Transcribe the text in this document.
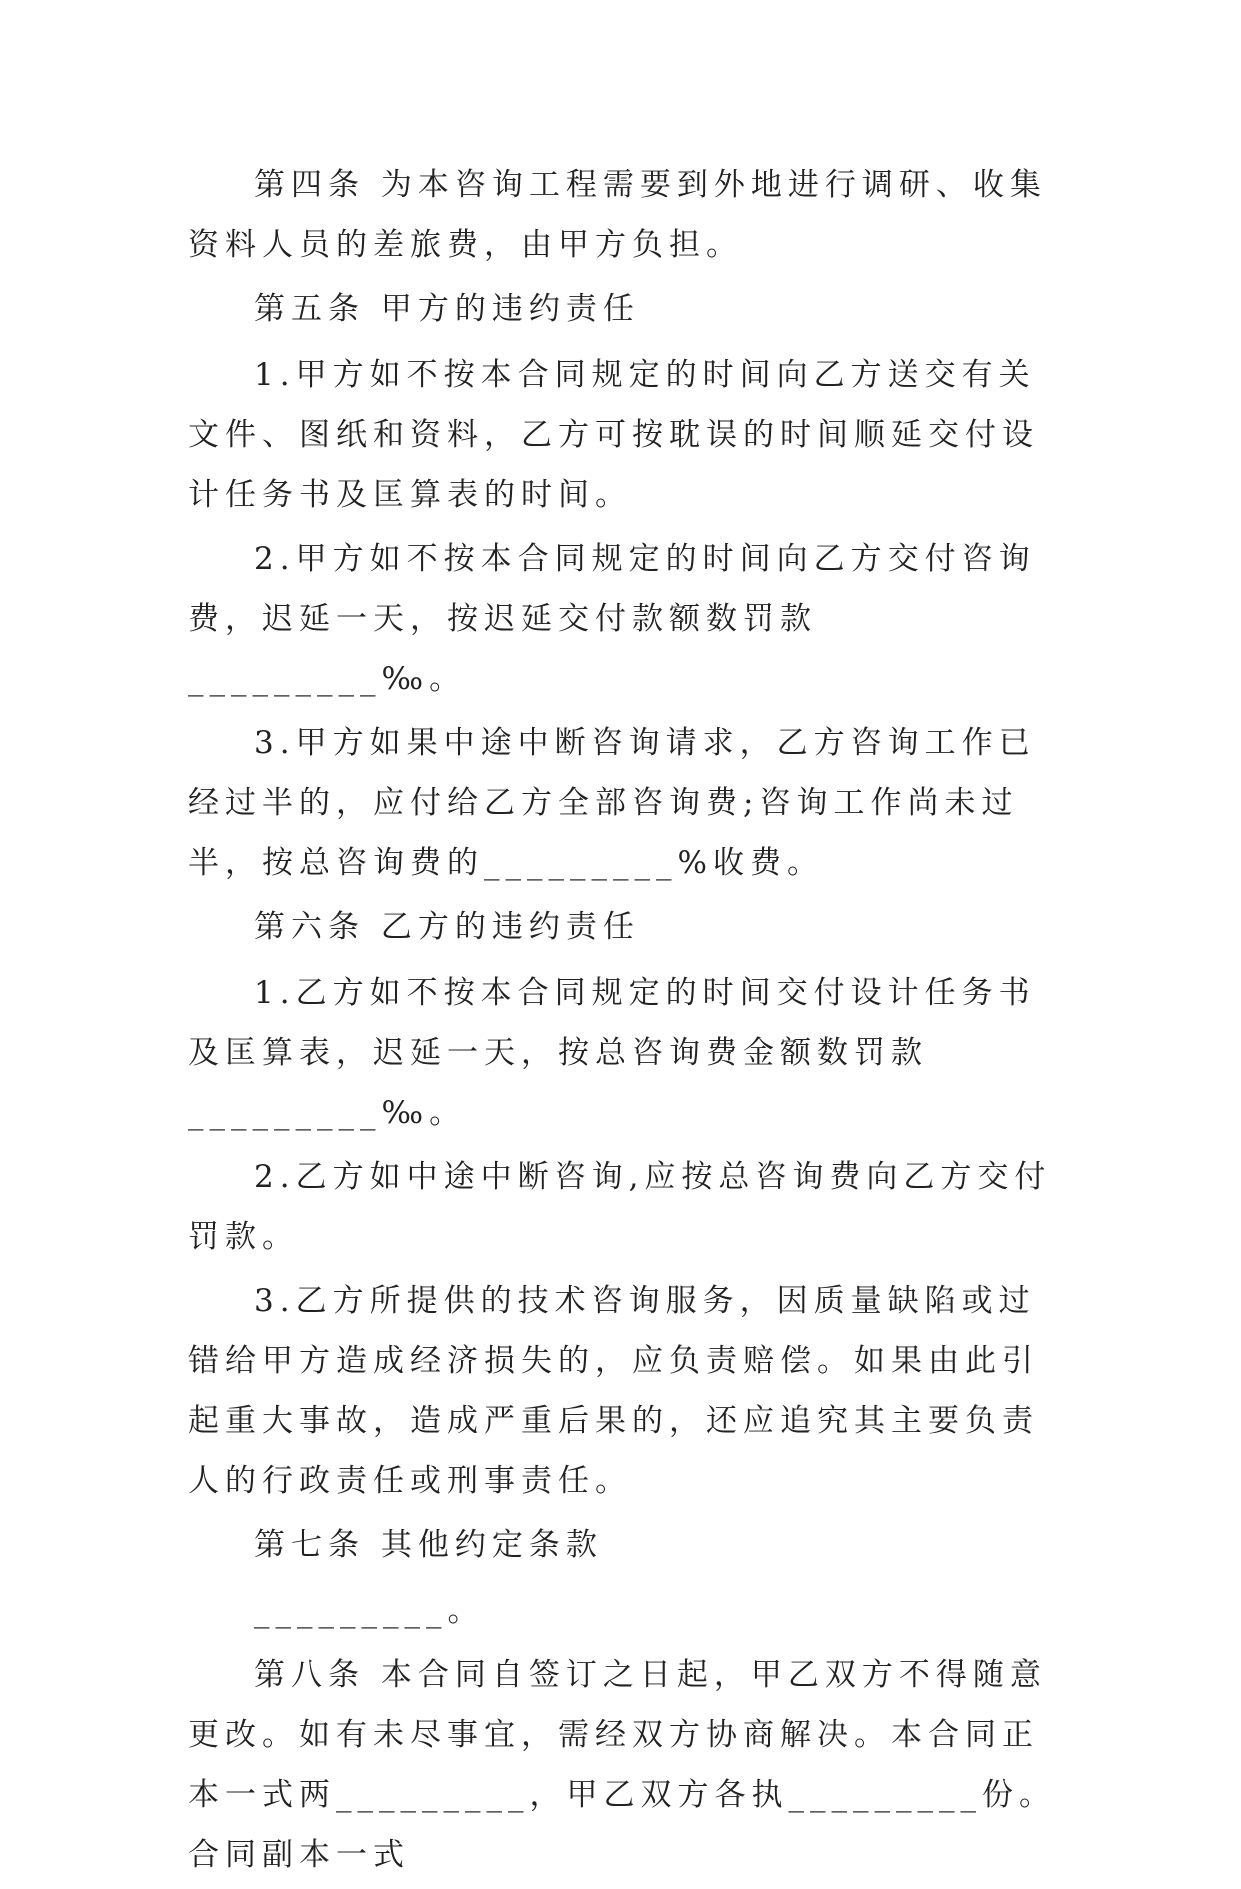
第四条 为本咨询工程需要到外地进行调研、收集资料人员的差旅费，由甲方负担。

第五条 甲方的违约责任

1.甲方如不按本合同规定的时间向乙方送交有关文件、图纸和资料，乙方可按耽误的时间顺延交付设计任务书及匡算表的时间。

2.甲方如不按本合同规定的时间向乙方交付咨询费，迟延一天，按迟延交付款额数罚款_________‰。

3.甲方如果中途中断咨询请求，乙方咨询工作已经过半的，应付给乙方全部咨询费;咨询工作尚未过半，按总咨询费的_________%收费。

第六条 乙方的违约责任

1.乙方如不按本合同规定的时间交付设计任务书及匡算表，迟延一天，按总咨询费金额数罚款_________‰。

2.乙方如中途中断咨询,应按总咨询费向乙方交付罚款。

3.乙方所提供的技术咨询服务，因质量缺陷或过错给甲方造成经济损失的，应负责赔偿。如果由此引起重大事故，造成严重后果的，还应追究其主要负责人的行政责任或刑事责任。

第七条 其他约定条款

_________。

第八条 本合同自签订之日起，甲乙双方不得随意更改。如有未尽事宜，需经双方协商解决。本合同正本一式两_________，甲乙双方各执_________份。合同副本一式
